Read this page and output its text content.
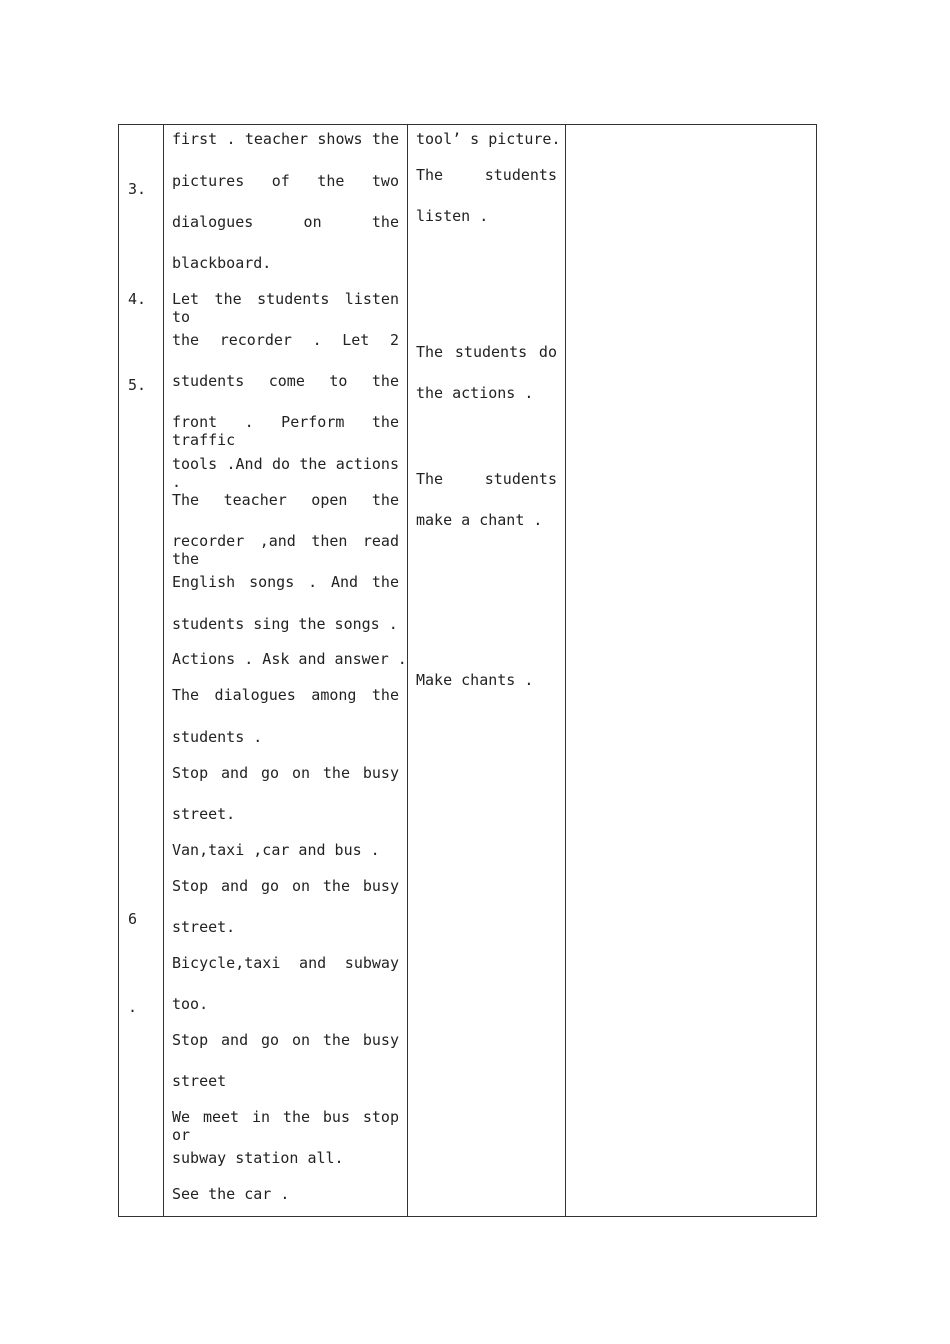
3.
4.
5.
6
.
first . teacher shows the
pictures of the two
dialogues on the
blackboard.
Let the students listen to
the recorder . Let 2
students come to the
front . Perform the traffic
tools .And do the actions .
The teacher open the
recorder ,and then read the
English songs . And the
students sing the songs .
Actions . Ask and answer .
The dialogues among the
students .
Stop and go on the busy
street.
Van,taxi ,car and bus .
Stop and go on the busy
street.
Bicycle,taxi and subway
too.
Stop and go on the busy
street
We meet in the bus stop or
subway station all.
See the car .
tool’ s picture.
The students
listen .
The students do
the actions .
The students
make a chant .
Make chants .
